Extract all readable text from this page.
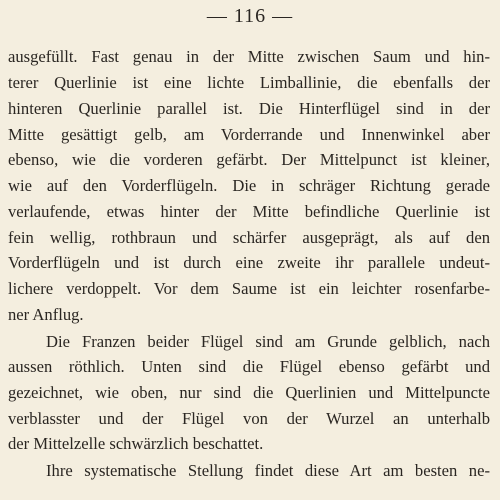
— 116 —
ausgefüllt. Fast genau in der Mitte zwischen Saum und hin-
terer Querlinie ist eine lichte Limballinie, die ebenfalls der
hinteren Querlinie parallel ist. Die Hinterflügel sind in der
Mitte gesättigt gelb, am Vorderrande und Innenwinkel aber
ebenso, wie die vorderen gefärbt. Der Mittelpunct ist kleiner,
wie auf den Vorderflügeln. Die in schräger Richtung gerade
verlaufende, etwas hinter der Mitte befindliche Querlinie ist
fein wellig, rothbraun und schärfer ausgeprägt, als auf den
Vorderflügeln und ist durch eine zweite ihr parallele undeut-
lichere verdoppelt. Vor dem Saume ist ein leichter rosenfarbe-
ner Anflug.
Die Franzen beider Flügel sind am Grunde gelblich, nach
aussen röthlich. Unten sind die Flügel ebenso gefärbt und
gezeichnet, wie oben, nur sind die Querlinien und Mittelpuncte
verblasster und der Flügel von der Wurzel an unterhalb
der Mittelzelle schwärzlich beschattet.
Ihre systematische Stellung findet diese Art am besten ne-
